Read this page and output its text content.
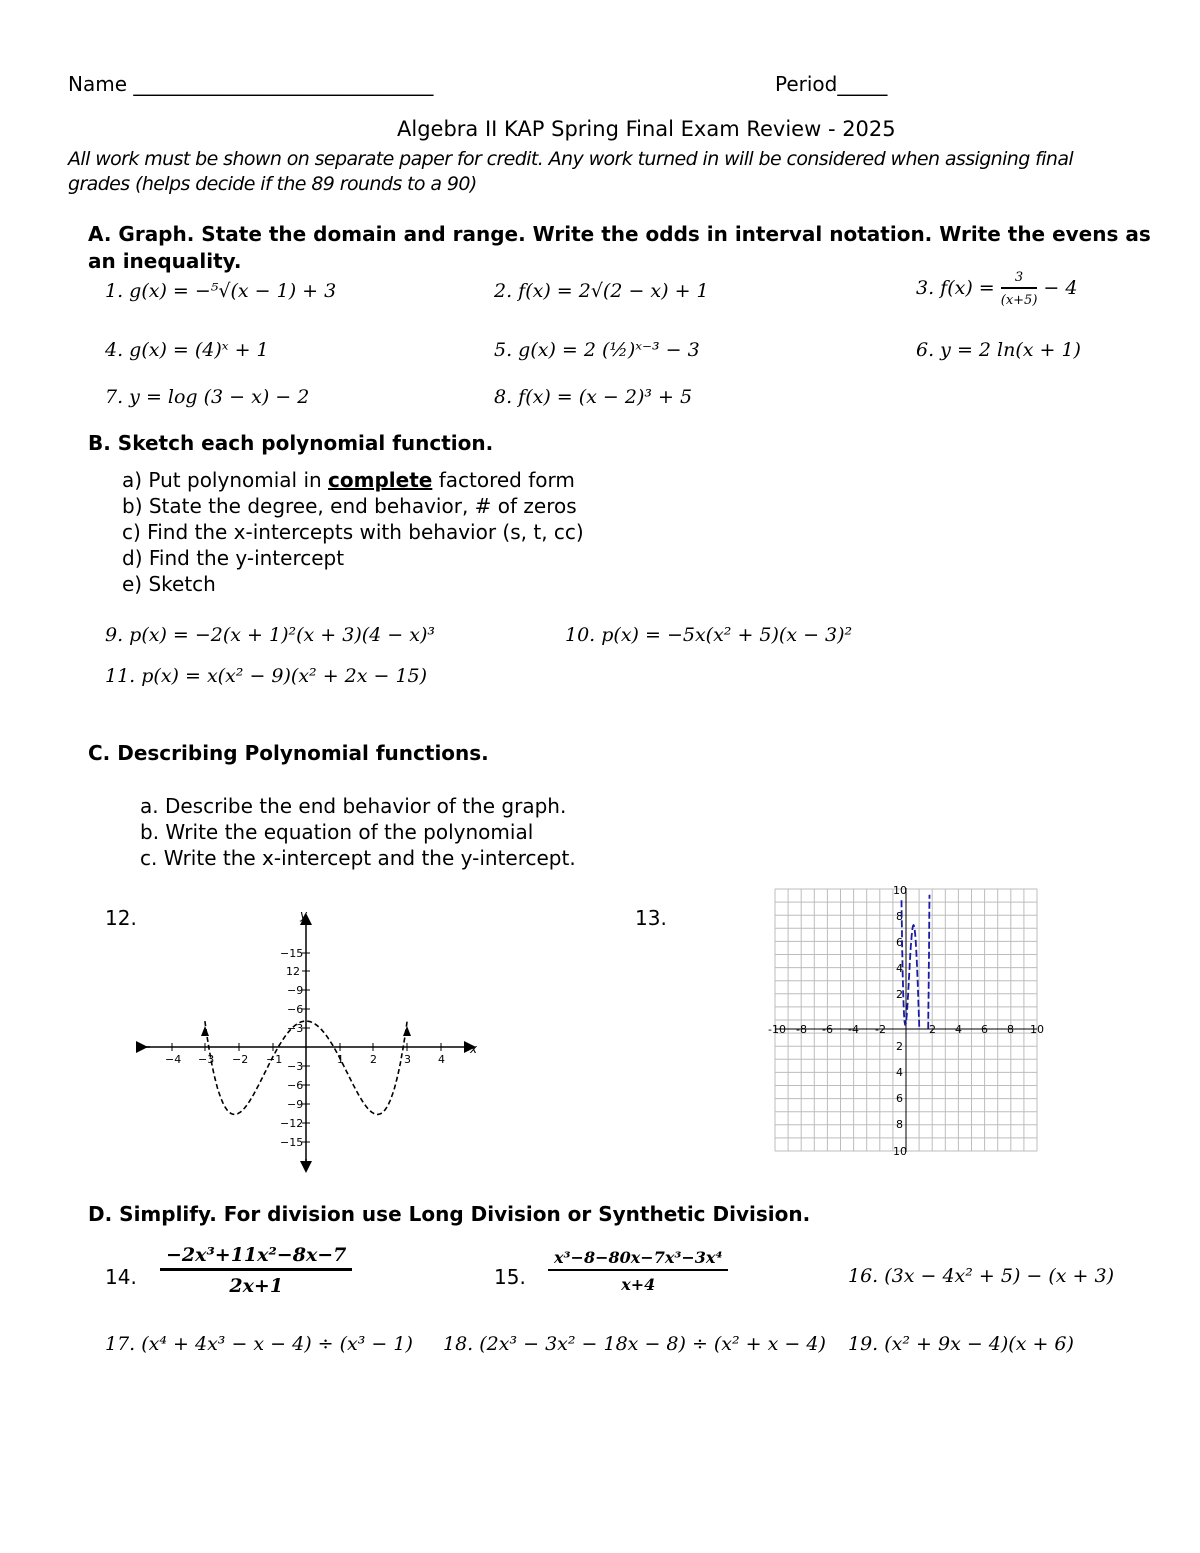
Name ______________________________	Period_____
Algebra II KAP Spring Final Exam Review - 2025
All work must be shown on separate paper for credit. Any work turned in will be considered when assigning final grades (helps decide if the 89 rounds to a 90)
A. Graph. State the domain and range. Write the odds in interval notation. Write the evens as
an inequality.
1. g(x) = −⁵√(x − 1) + 3	2. f(x) = 2√(2 − x) + 1	3. $f(x) = \frac{3}{(x+5)} - 4$
4. g(x) = (4)ˣ + 1	5. g(x) = 2 (½)ˣ⁻³ − 3	6. y = 2 ln(x + 1)
7. y = log (3 − x) − 2	8. f(x) = (x − 2)³ + 5
B. Sketch each polynomial function.
a) Put polynomial in complete factored form
b) State the degree, end behavior, # of zeros
c) Find the x-intercepts with behavior (s, t, cc)
d) Find the y-intercept
e) Sketch
9. p(x) = −2(x + 1)²(x + 3)(4 − x)³	10. p(x) = −5x(x² + 5)(x − 3)²
11. p(x) = x(x² − 9)(x² + 2x − 15)
C. Describing Polynomial functions.
a. Describe the end behavior of the graph.
b. Write the equation of the polynomial
c. Write the x-intercept and the y-intercept.
12.	13.
x
y
−4 −3 −2 −1	1 2 3 4
−15
12
−9
−6
−3
−3
−6
−9
−12
−15
-10 -8 -6 -4 -2	2 4 6 8 10
10
8
6
4
2
2
4
6
8
10
D. Simplify. For division use Long Division or Synthetic Division.
14. $\frac{\text{−2x³+11x²−8x−7}}{2x+1}$	15. $\frac{\text{x³−8−80x−7x³−3x⁴}}{x+4}$	16. (3x − 4x² + 5) − (x + 3)
17. (x⁴ + 4x³ − x − 4) ÷ (x³ − 1) 18. (2x³ − 3x² − 18x − 8) ÷ (x² + x − 4) 19. (x² + 9x − 4)(x + 6)
